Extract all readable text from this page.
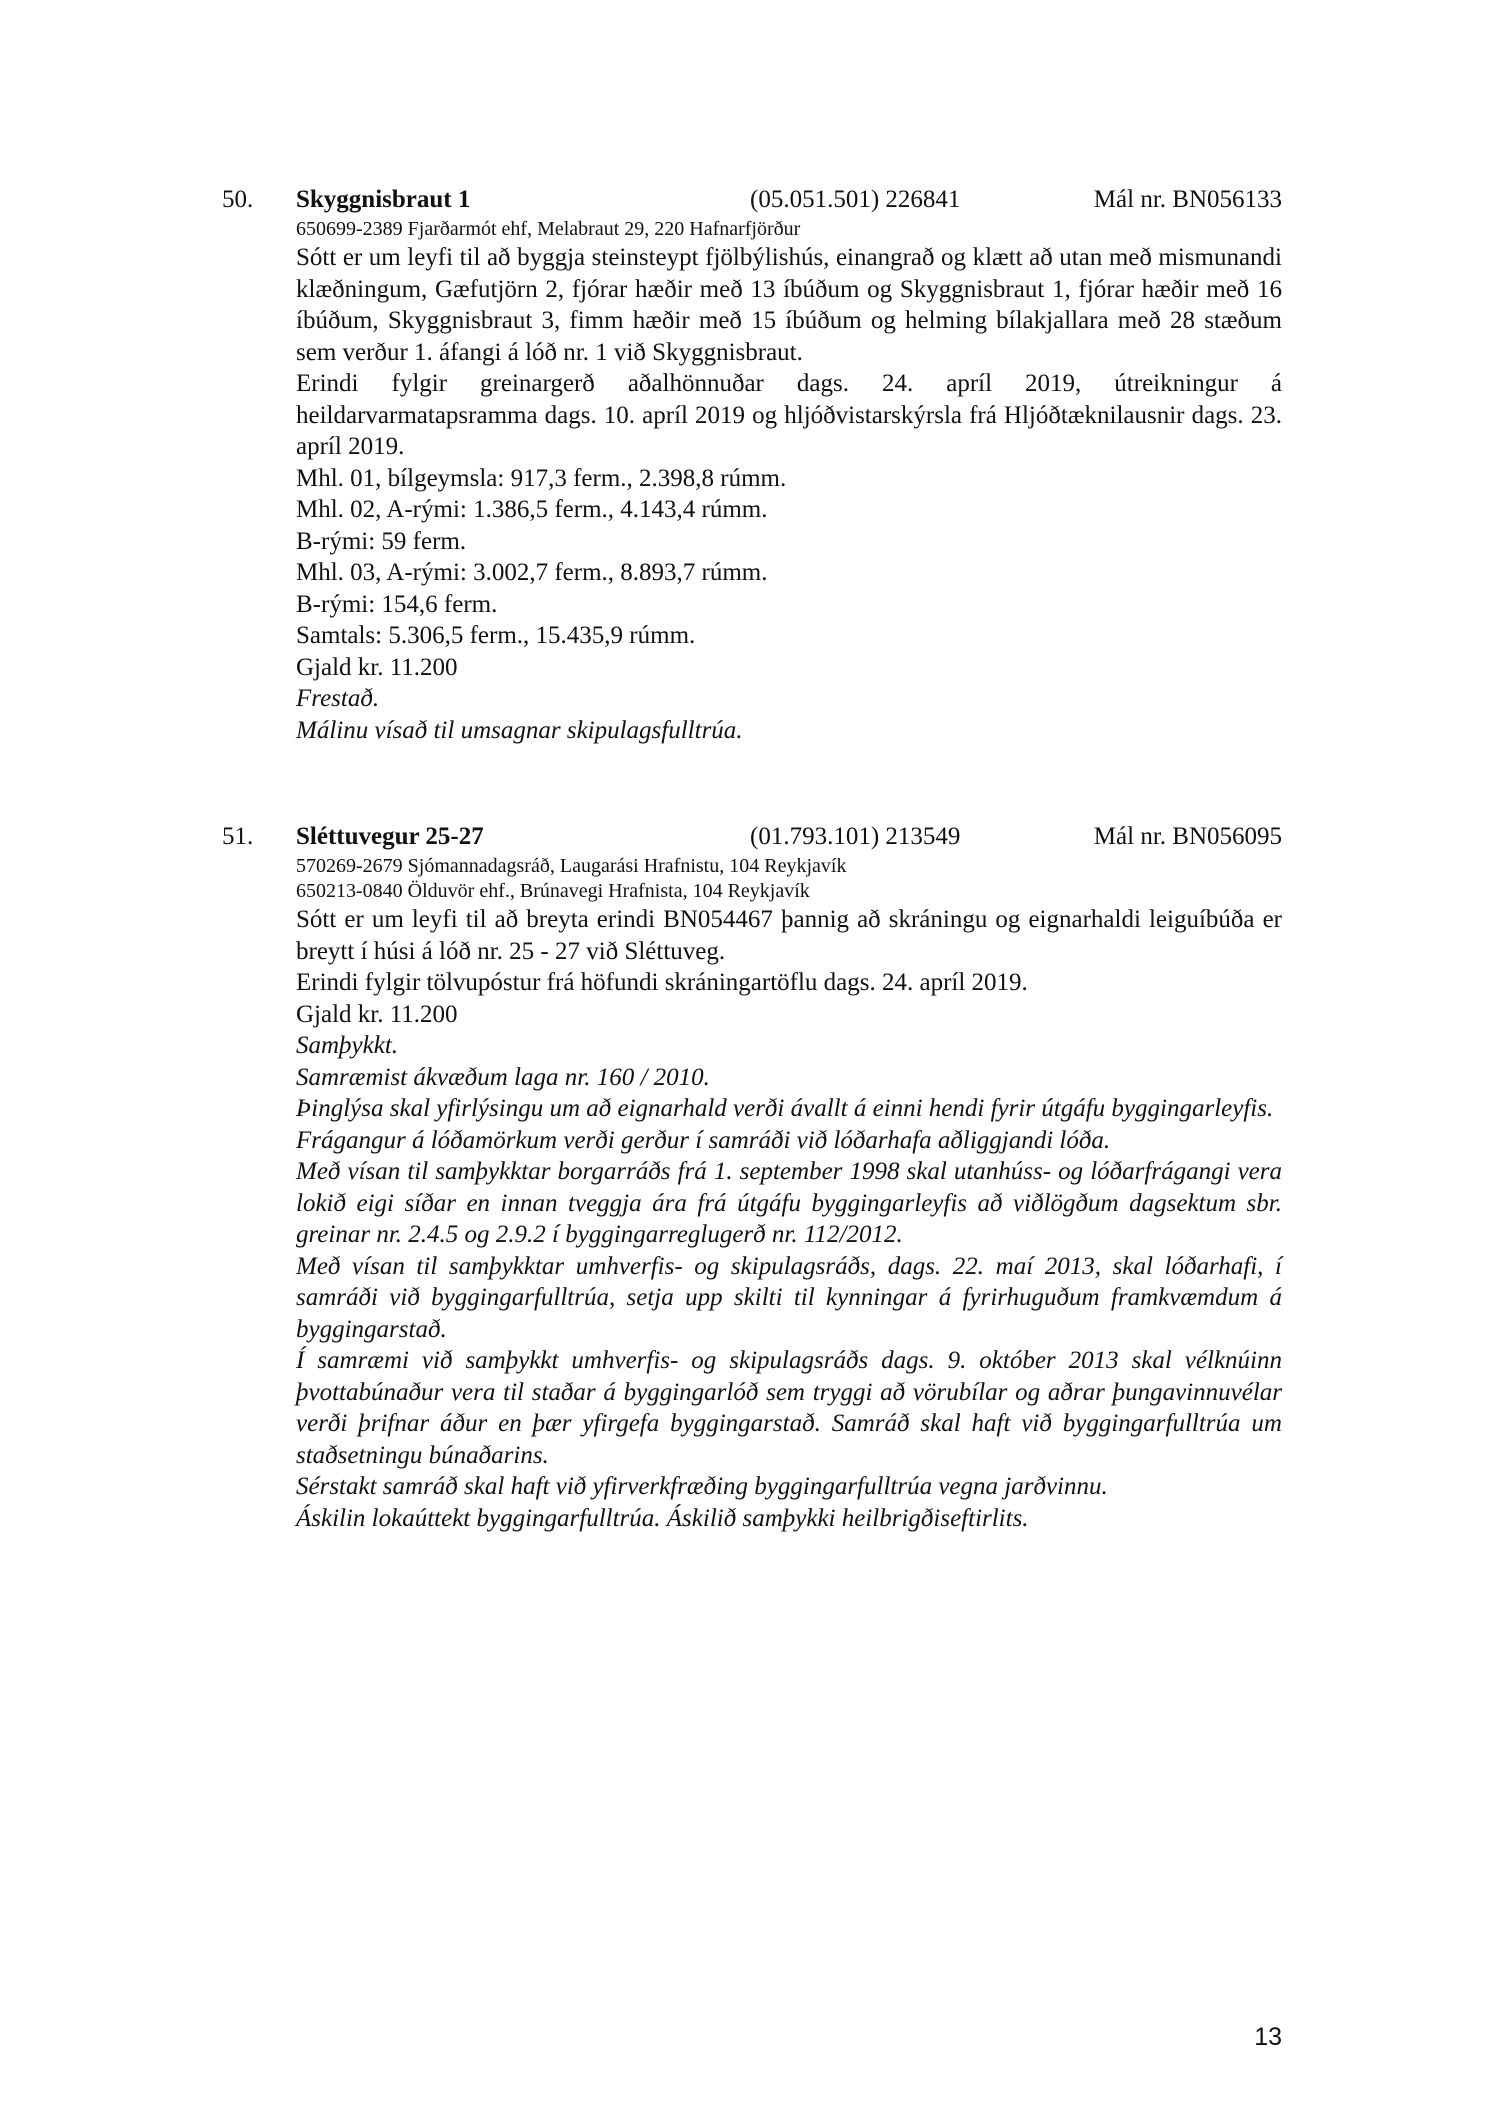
50. Skyggnisbraut 1	(05.051.501) 226841	Mál nr. BN056133

650699-2389 Fjarðarmót ehf, Melabraut 29, 220 Hafnarfjörður

Sótt er um leyfi til að byggja steinsteypt fjölbýlishús, einangrað og klætt að utan með mismunandi klæðningum, Gæfutjörn 2, fjórar hæðir með 13 íbúðum og Skyggnisbraut 1, fjórar hæðir með 16 íbúðum, Skyggnisbraut 3, fimm hæðir með 15 íbúðum og helming bílakjallara með 28 stæðum sem verður 1. áfangi á lóð nr. 1 við Skyggnisbraut.

Erindi fylgir greinargerð aðalhönnuðar dags. 24. apríl 2019, útreikningur á heildarvarmatapsramma dags. 10. apríl 2019 og hljóðvistarskýrsla frá Hljóðtæknilausnir dags. 23. apríl 2019.

Mhl. 01, bílgeymsla: 917,3 ferm., 2.398,8 rúmm.

Mhl. 02, A-rými: 1.386,5 ferm., 4.143,4 rúmm.

B-rými: 59 ferm.

Mhl. 03, A-rými: 3.002,7 ferm., 8.893,7 rúmm.

B-rými: 154,6 ferm.

Samtals: 5.306,5 ferm., 15.435,9 rúmm.

Gjald kr. 11.200

Frestað.

Málinu vísað til umsagnar skipulagsfulltrúa.

51. Sléttuvegur 25-27	(01.793.101) 213549	Mál nr. BN056095

570269-2679 Sjómannadagsráð, Laugarási Hrafnistu, 104 Reykjavík

650213-0840 Ölduvör ehf., Brúnavegi Hrafnista, 104 Reykjavík

Sótt er um leyfi til að breyta erindi BN054467 þannig að skráningu og eignarhaldi leiguíbúða er breytt í húsi á lóð nr. 25 - 27 við Sléttuveg.

Erindi fylgir tölvupóstur frá höfundi skráningartöflu dags. 24. apríl 2019.

Gjald kr. 11.200

Samþykkt.

Samræmist ákvæðum laga nr. 160 / 2010.

Þinglýsa skal yfirlýsingu um að eignarhald verði ávallt á einni hendi fyrir útgáfu byggingarleyfis.

Frágangur á lóðamörkum verði gerður í samráði við lóðarhafa aðliggjandi lóða.

Með vísan til samþykktar borgarráðs frá 1. september 1998 skal utanhúss- og lóðarfrágangi vera lokið eigi síðar en innan tveggja ára frá útgáfu byggingarleyfis að viðlögðum dagsektum sbr. greinar nr. 2.4.5 og 2.9.2 í byggingarreglugerð nr. 112/2012.

Með vísan til samþykktar umhverfis- og skipulagsráðs, dags. 22. maí 2013, skal lóðarhafi, í samráði við byggingarfulltrúa, setja upp skilti til kynningar á fyrirhuguðum framkvæmdum á byggingarstað.

Í samræmi við samþykkt umhverfis- og skipulagsráðs dags. 9. október 2013 skal vélknúinn þvottabúnaður vera til staðar á byggingarlóð sem tryggi að vörubílar og aðrar þungavinnuvélar verði þrifnar áður en þær yfirgefa byggingarstað. Samráð skal haft við byggingarfulltrúa um staðsetningu búnaðarins.

Sérstakt samráð skal haft við yfirverkfræðing byggingarfulltrúa vegna jarðvinnu.

Áskilin lokaúttekt byggingarfulltrúa. Áskilið samþykki heilbrigðiseftirlits.

13
